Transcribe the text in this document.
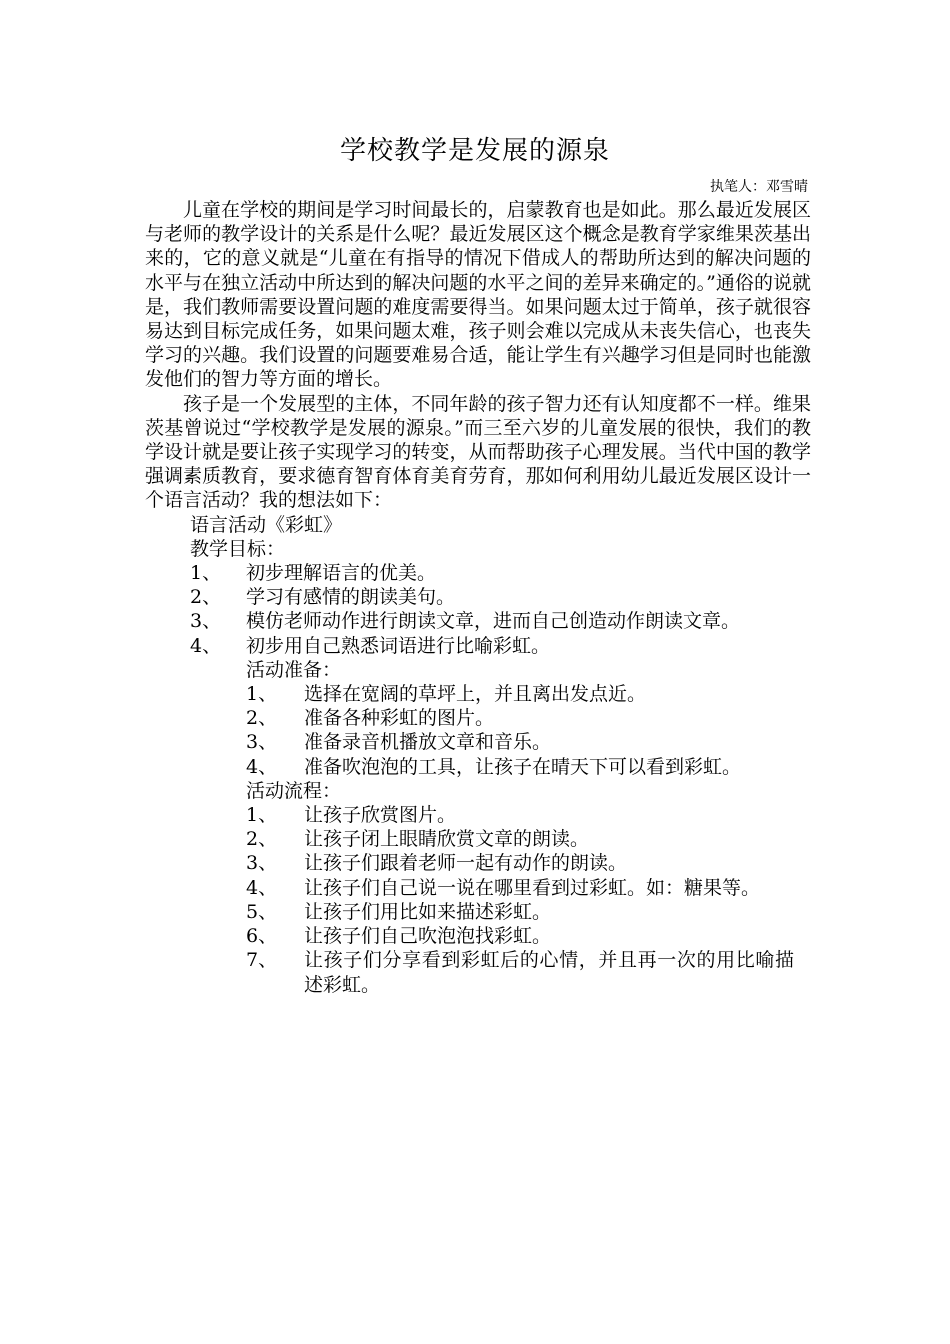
学校教学是发展的源泉
执笔人：邓雪晴

儿童在学校的期间是学习时间最长的，启蒙教育也是如此。那么最近发展区与老师的教学设计的关系是什么呢？最近发展区这个概念是教育学家维果茨基出来的，它的意义就是“儿童在有指导的情况下借成人的帮助所达到的解决问题的水平与在独立活动中所达到的解决问题的水平之间的差异来确定的。”通俗的说就是，我们教师需要设置问题的难度需要得当。如果问题太过于简单，孩子就很容易达到目标完成任务，如果问题太难，孩子则会难以完成从未丧失信心，也丧失学习的兴趣。我们设置的问题要难易合适，能让学生有兴趣学习但是同时也能激发他们的智力等方面的增长。

孩子是一个发展型的主体，不同年龄的孩子智力还有认知度都不一样。维果茨基曾说过“学校教学是发展的源泉。”而三至六岁的儿童发展的很快，我们的教学设计就是要让孩子实现学习的转变，从而帮助孩子心理发展。当代中国的教学强调素质教育，要求德育智育体育美育劳育，那如何利用幼儿最近发展区设计一个语言活动？我的想法如下：

语言活动《彩虹》

教学目标：

1、	初步理解语言的优美。
2、	学习有感情的朗读美句。
3、	模仿老师动作进行朗读文章，进而自己创造动作朗读文章。
4、	初步用自己熟悉词语进行比喻彩虹。

活动准备：

1、	选择在宽阔的草坪上，并且离出发点近。
2、	准备各种彩虹的图片。
3、	准备录音机播放文章和音乐。
4、	准备吹泡泡的工具，让孩子在晴天下可以看到彩虹。

活动流程：

1、	让孩子欣赏图片。
2、	让孩子闭上眼睛欣赏文章的朗读。
3、	让孩子们跟着老师一起有动作的朗读。
4、	让孩子们自己说一说在哪里看到过彩虹。如：糖果等。
5、	让孩子们用比如来描述彩虹。
6、	让孩子们自己吹泡泡找彩虹。
7、	让孩子们分享看到彩虹后的心情，并且再一次的用比喻描述彩虹。
